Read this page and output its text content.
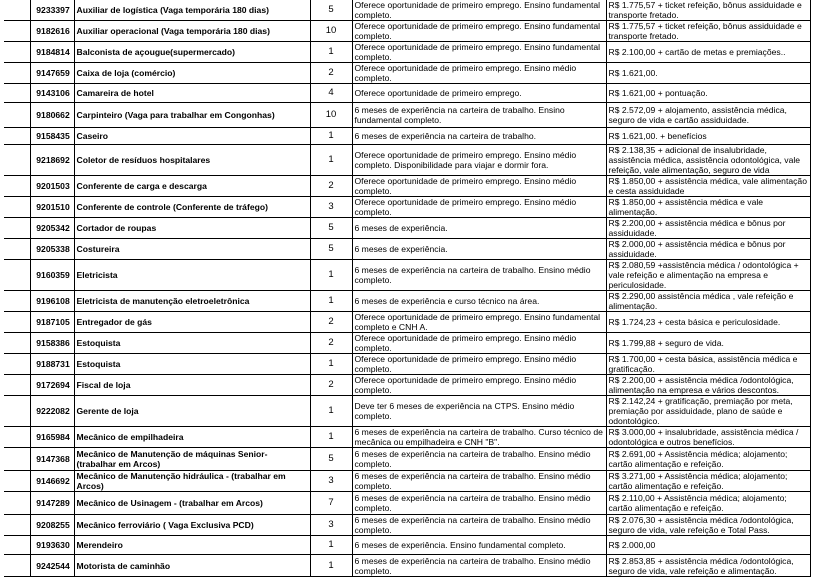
	9233397	Auxiliar de logística (Vaga temporária 180 dias)	5	Oferece oportunidade de primeiro emprego. Ensino fundamental completo.	R$ 1.775,57 + ticket refeição, bônus assiduidade e transporte fretado.
	9182616	Auxiliar operacional (Vaga temporária 180 dias)	10	Oferece oportunidade de primeiro emprego. Ensino fundamental completo.	R$ 1.775,57 + ticket refeição, bônus assiduidade e transporte fretado.
	9184814	Balconista de açougue(supermercado)	1	Oferece oportunidade de primeiro emprego. Ensino fundamental completo.	R$ 2.100,00 + cartão de metas e premiações..
	9147659	Caixa de loja (comércio)	2	Oferece oportunidade de primeiro emprego. Ensino médio completo.	R$ 1.621,00.
	9143106	Camareira de hotel	4	Oferece oportunidade de primeiro emprego.	R$ 1.621,00 + pontuação.
	9180662	Carpinteiro (Vaga para trabalhar em Congonhas)	10	6 meses de experiência na carteira de trabalho. Ensino fundamental completo.	R$ 2.572,09 + alojamento, assistência médica, seguro de vida e cartão assiduidade.
	9158435	Caseiro	1	6 meses de experiência na carteira de trabalho.	R$ 1.621,00. + benefícios
	9218692	Coletor de resíduos hospitalares	1	Oferece oportunidade de primeiro emprego. Ensino médio completo. Disponibilidade para viajar e dormir fora.	R$ 2.138,35 + adicional de insalubridade, assistência médica, assistência odontológica, vale refeição, vale alimentação, seguro de vida
	9201503	Conferente de carga e descarga	2	Oferece oportunidade de primeiro emprego. Ensino médio completo.	R$ 1.850,00 + assistência médica, vale alimentação e cesta assiduidade
	9201510	Conferente de controle (Conferente de tráfego)	3	Oferece oportunidade de primeiro emprego. Ensino médio completo.	R$ 1.850,00 + assistência médica e vale alimentação.
	9205342	Cortador de roupas	5	6 meses de experiência.	R$ 2.200,00 + assistência médica e bônus por assiduidade.
	9205338	Costureira	5	6 meses de experiência.	R$ 2.000,00 + assistência médica e bônus por assiduidade.
	9160359	Eletricista	1	6 meses de experiência na carteira de trabalho. Ensino médio completo.	R$ 2.080,59 +assistência médica / odontológica + vale refeição e alimentação na empresa e periculosidade.
	9196108	Eletricista de manutenção eletroeletrônica	1	6 meses de experiência e curso técnico na área.	R$ 2.290,00 assistência médica , vale refeição e alimentação.
	9187105	Entregador de gás	2	Oferece oportunidade de primeiro emprego. Ensino fundamental completo e CNH A.	R$ 1.724,23 + cesta básica e periculosidade.
	9158386	Estoquista	2	Oferece oportunidade de primeiro emprego. Ensino médio completo.	R$ 1.799,88 + seguro de vida.
	9188731	Estoquista	1	Oferece oportunidade de primeiro emprego. Ensino médio completo.	R$ 1.700,00 + cesta básica, assistência médica e gratificação.
	9172694	Fiscal de loja	2	Oferece oportunidade de primeiro emprego. Ensino médio completo.	R$ 2.200,00 + assistência médica /odontológica, alimentação na empresa e vários descontos.
	9222082	Gerente de loja	1	Deve ter 6 meses de experiência na CTPS. Ensino médio completo.	R$ 2.142,24 + gratificação, premiação por meta, premiação por assiduidade, plano de saúde e odontológico.
	9165984	Mecânico de empilhadeira	1	6 meses de experiência na carteira de trabalho. Curso técnico de mecânica ou empilhadeira e CNH "B".	R$ 3.000,00 + insalubridade, assistência médica / odontológica e outros benefícios.
	9147368	Mecânico de Manutenção de máquinas Senior- (trabalhar em Arcos)	5	6 meses de experiência na carteira de trabalho. Ensino médio completo.	R$ 2.691,00 + Assistência médica; alojamento; cartão alimentação e refeição.
	9146692	Mecânico de Manutenção hidráulica - (trabalhar em Arcos)	3	6 meses de experiência na carteira de trabalho. Ensino médio completo.	R$ 3.271,00 + Assistência médica; alojamento; cartão alimentação e refeição.
	9147289	Mecânico de Usinagem - (trabalhar em Arcos)	7	6 meses de experiência na carteira de trabalho. Ensino médio completo.	R$ 2.110,00 + Assistência médica; alojamento; cartão alimentação e refeição.
	9208255	Mecânico ferroviário ( Vaga Exclusiva PCD)	3	6 meses de experiência na carteira de trabalho. Ensino médio completo.	R$ 2.076,30 + assistência médica /odontológica, seguro de vida, vale refeição e Total Pass.
	9193630	Merendeiro	1	6 meses de experiência. Ensino fundamental completo.	R$ 2.000,00
	9242544	Motorista de caminhão	1	6 meses de experiência na carteira de trabalho. Ensino médio completo.	R$ 2.853,85 + assistência médica /odontológica, seguro de vida, vale refeição e alimentação.
